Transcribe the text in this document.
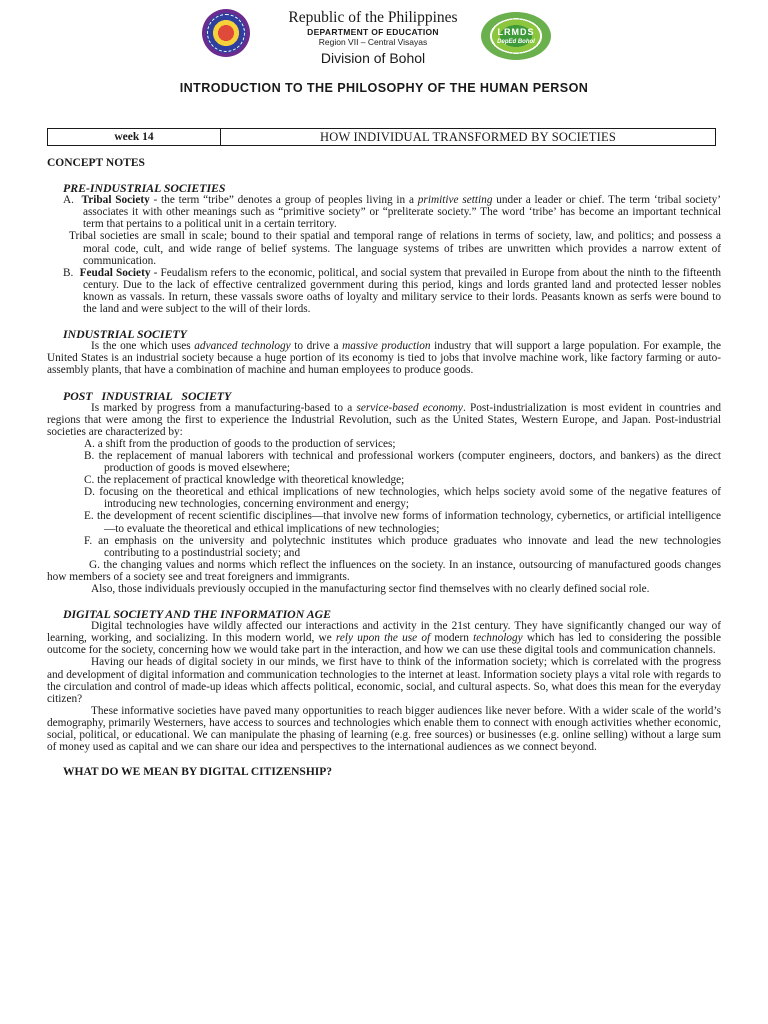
Republic of the Philippines
DEPARTMENT OF EDUCATION
Region VII – Central Visayas
Division of Bohol
LRMDS
DepEd Bohol
INTRODUCTION TO THE PHILOSOPHY OF THE HUMAN PERSON
week 14	HOW INDIVIDUAL TRANSFORMED BY SOCIETIES

CONCEPT NOTES

PRE-INDUSTRIAL SOCIETIES

A. Tribal Society - the term “tribe” denotes a group of peoples living in a primitive setting under a leader or chief. The term ‘tribal society’ associates it with other meanings such as “primitive society” or “preliterate society.” The word ‘tribe’ has become an important technical term that pertains to a political unit in a certain territory.

Tribal societies are small in scale; bound to their spatial and temporal range of relations in terms of society, law, and politics; and possess a moral code, cult, and wide range of belief systems. The language systems of tribes are unwritten which provides a narrow extent of communication.

B. Feudal Society - Feudalism refers to the economic, political, and social system that prevailed in Europe from about the ninth to the fifteenth century. Due to the lack of effective centralized government during this period, kings and lords granted land and protected lesser nobles known as vassals. In return, these vassals swore oaths of loyalty and military service to their lords. Peasants known as serfs were bound to the land and were subject to the will of their lords.

INDUSTRIAL SOCIETY

Is the one which uses advanced technology to drive a massive production industry that will support a large population. For example, the United States is an industrial society because a huge portion of its economy is tied to jobs that involve machine work, like factory farming or auto-assembly plants, that have a combination of machine and human employees to produce goods.

POST INDUSTRIAL SOCIETY

Is marked by progress from a manufacturing-based to a service-based economy. Post-industrialization is most evident in countries and regions that were among the first to experience the Industrial Revolution, such as the United States, Western Europe, and Japan. Post-industrial societies are characterized by:

A. a shift from the production of goods to the production of services;

B. the replacement of manual laborers with technical and professional workers (computer engineers, doctors, and bankers) as the direct production of goods is moved elsewhere;

C. the replacement of practical knowledge with theoretical knowledge;

D. focusing on the theoretical and ethical implications of new technologies, which helps society avoid some of the negative features of introducing new technologies, concerning environment and energy;

E. the development of recent scientific disciplines—that involve new forms of information technology, cybernetics, or artificial intelligence—to evaluate the theoretical and ethical implications of new technologies;

F. an emphasis on the university and polytechnic institutes which produce graduates who innovate and lead the new technologies contributing to a postindustrial society; and

G. the changing values and norms which reflect the influences on the society. In an instance, outsourcing of manufactured goods changes how members of a society see and treat foreigners and immigrants.

Also, those individuals previously occupied in the manufacturing sector find themselves with no clearly defined social role.

DIGITAL SOCIETY AND THE INFORMATION AGE

Digital technologies have wildly affected our interactions and activity in the 21st century. They have significantly changed our way of learning, working, and socializing. In this modern world, we rely upon the use of modern technology which has led to considering the possible outcome for the society, concerning how we would take part in the interaction, and how we can use these digital tools and communication channels.

Having our heads of digital society in our minds, we first have to think of the information society; which is correlated with the progress and development of digital information and communication technologies to the internet at least. Information society plays a vital role with regards to the circulation and control of made-up ideas which affects political, economic, social, and cultural aspects. So, what does this mean for the everyday citizen?

These informative societies have paved many opportunities to reach bigger audiences like never before. With a wider scale of the world’s demography, primarily Westerners, have access to sources and technologies which enable them to connect with enough activities whether economic, social, political, or educational. We can manipulate the phasing of learning (e.g. free sources) or businesses (e.g. online selling) without a large sum of money used as capital and we can share our idea and perspectives to the international audiences as we connect beyond.

WHAT DO WE MEAN BY DIGITAL CITIZENSHIP?
